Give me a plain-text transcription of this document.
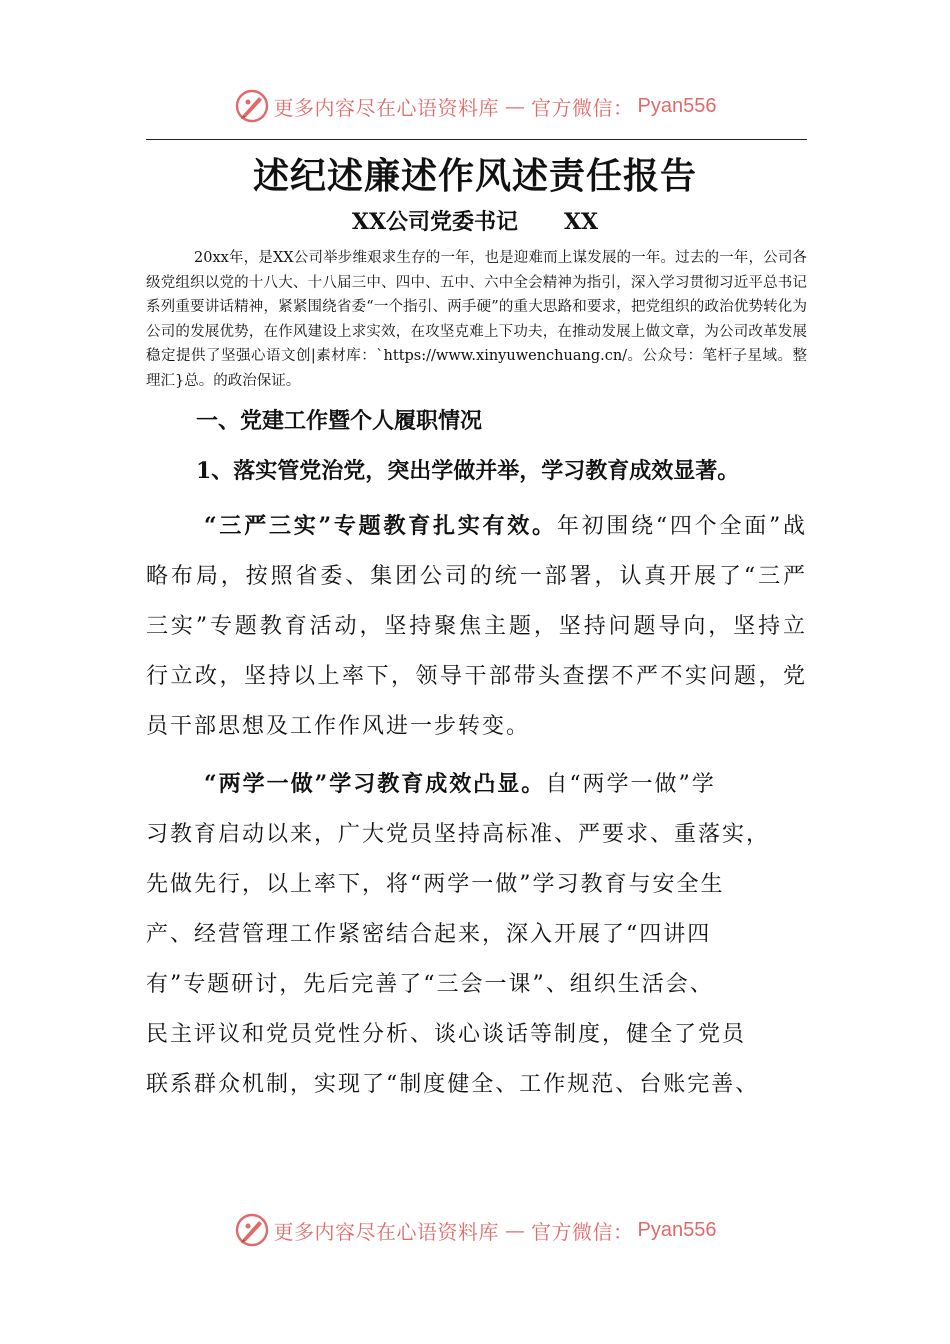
更多内容尽在心语资料库 — 官方微信： Pyan556
述纪述廉述作风述责任报告
XX公司党委书记      XX

20xx年，是XX公司举步维艰求生存的一年，也是迎难而上谋发展的一年。过去的一年，公司各级党组织以党的十八大、十八届三中、四中、五中、六中全会精神为指引，深入学习贯彻习近平总书记系列重要讲话精神，紧紧围绕省委“一个指引、两手硬”的重大思路和要求，把党组织的政治优势转化为公司的发展优势，在作风建设上求实效，在攻坚克难上下功夫，在推动发展上做文章，为公司改革发展稳定提供了坚强心语文创|素材库：`https://www.xinyuwenchuang.cn/。公众号：笔杆子星域。整理汇}总。的政治保证。

一、党建工作暨个人履职情况
1、落实管党治党，突出学做并举，学习教育成效显著。

“三严三实”专题教育扎实有效。年初围绕“四个全面”战略布局，按照省委、集团公司的统一部署，认真开展了“三严三实”专题教育活动，坚持聚焦主题，坚持问题导向，坚持立行立改，坚持以上率下，领导干部带头查摆不严不实问题，党员干部思想及工作作风进一步转变。

“两学一做”学习教育成效凸显。自“两学一做”学
习教育启动以来，广大党员坚持高标准、严要求、重落实，
先做先行，以上率下，将“两学一做”学习教育与安全生
产、经营管理工作紧密结合起来，深入开展了“四讲四
有”专题研讨，先后完善了“三会一课”、组织生活会、
民主评议和党员党性分析、谈心谈话等制度，健全了党员
联系群众机制，实现了“制度健全、工作规范、台账完善、

更多内容尽在心语资料库 — 官方微信： Pyan556
